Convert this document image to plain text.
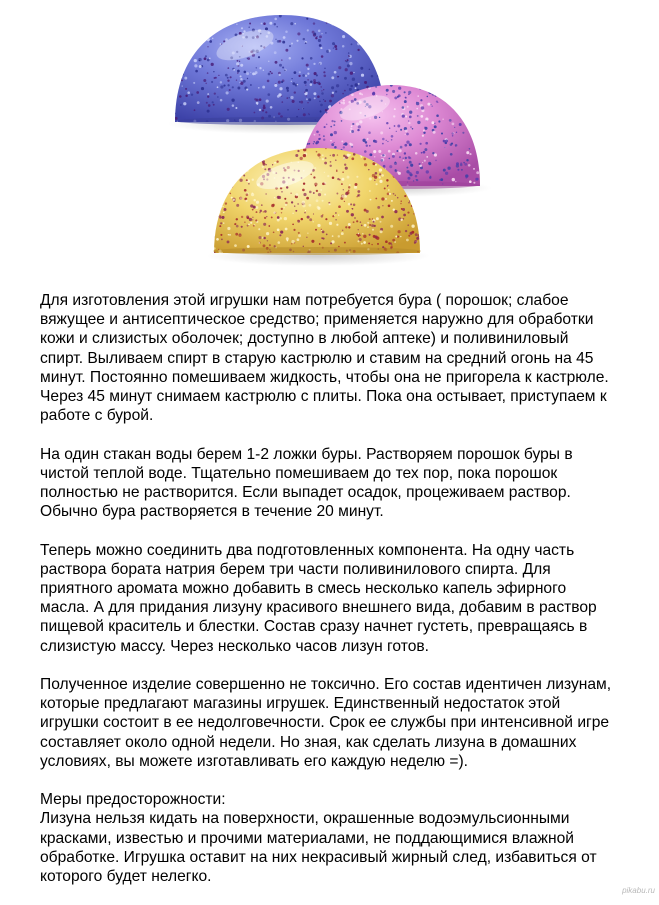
Для изготовления этой игрушки нам потребуется бура ( порошок; слабое
вяжущее и антисептическое средство; применяется наружно для обработки
кожи и слизистых оболочек; доступно в любой аптеке) и поливиниловый
спирт. Выливаем спирт в старую кастрюлю и ставим на средний огонь на 45
минут. Постоянно помешиваем жидкость, чтобы она не пригорела к кастрюле.
Через 45 минут снимаем кастрюлю с плиты. Пока она остывает, приступаем к
работе с бурой.

На один стакан воды берем 1-2 ложки буры. Растворяем порошок буры в
чистой теплой воде. Тщательно помешиваем до тех пор, пока порошок
полностью не растворится. Если выпадет осадок, процеживаем раствор.
Обычно бура растворяется в течение 20 минут.

Теперь можно соединить два подготовленных компонента. На одну часть
раствора бората натрия берем три части поливинилового спирта. Для
приятного аромата можно добавить в смесь несколько капель эфирного
масла. А для придания лизуну красивого внешнего вида, добавим в раствор
пищевой краситель и блестки. Состав сразу начнет густеть, превращаясь в
слизистую массу. Через несколько часов лизун готов.

Полученное изделие совершенно не токсично. Его состав идентичен лизунам,
которые предлагают магазины игрушек. Единственный недостаток этой
игрушки состоит в ее недолговечности. Срок ее службы при интенсивной игре
составляет около одной недели. Но зная, как сделать лизуна в домашних
условиях, вы можете изготавливать его каждую неделю =).

Меры предосторожности:
Лизуна нельзя кидать на поверхности, окрашенные водоэмульсионными
красками, известью и прочими материалами, не поддающимися влажной
обработке. Игрушка оставит на них некрасивый жирный след, избавиться от
которого будет нелегко.

pikabu.ru
